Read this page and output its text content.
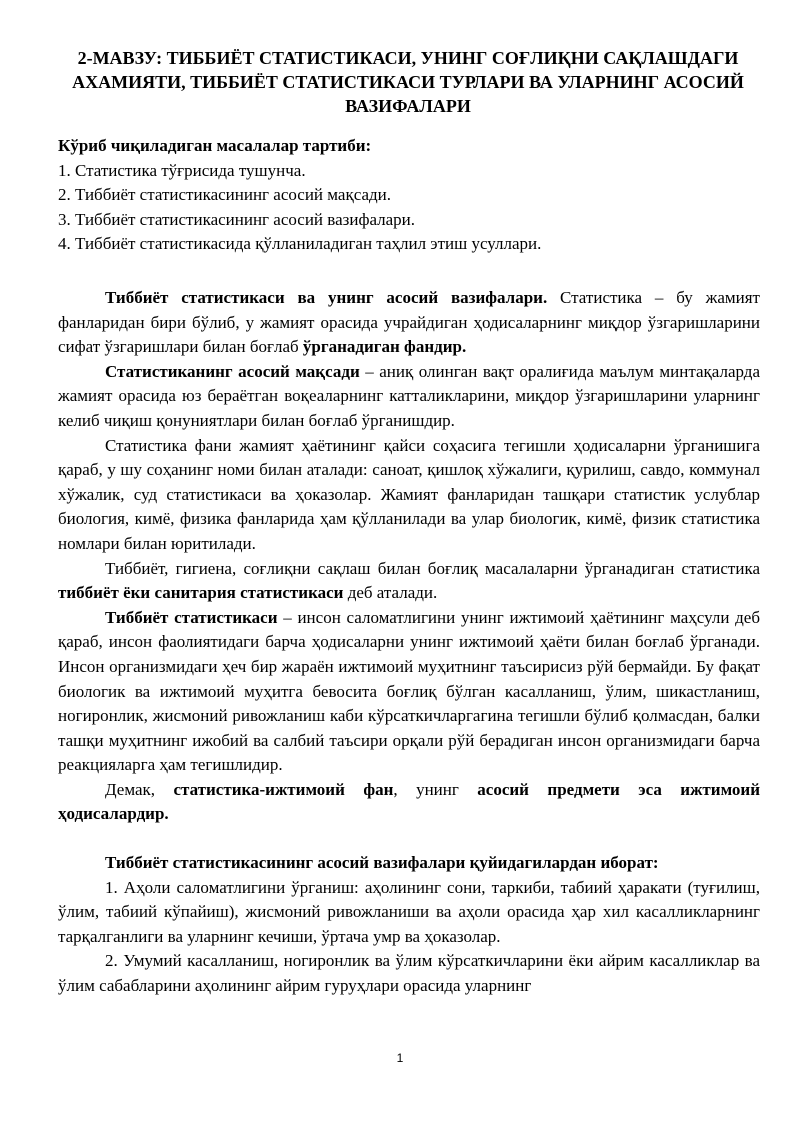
2-МАВЗУ: ТИББИЁТ СТАТИСТИКАСИ, УНИНГ СОҒЛИҚНИ САҚЛАШДАГИ АХАМИЯТИ, ТИББИЁТ СТАТИСТИКАСИ ТУРЛАРИ ВА УЛАРНИНГ АСОСИЙ ВАЗИФАЛАРИ
Кўриб чиқиладиган масалалар тартиби:
1. Статистика тўғрисида тушунча.
2. Тиббиёт статистикасининг асосий мақсади.
3. Тиббиёт статистикасининг асосий вазифалари.
4. Тиббиёт статистикасида қўлланиладиган таҳлил этиш усуллари.

Тиббиёт статистикаси ва унинг асосий вазифалари. Статистика – бу жамият фанларидан бири бўлиб, у жамият орасида учрайдиган ҳодисаларнинг миқдор ўзгаришларини сифат ўзгаришлари билан боғлаб ўрганадиган фандир.

Статистиканинг асосий мақсади – аниқ олинган вақт оралиғида маълум минтақаларда жамият орасида юз бераётган воқеаларнинг катталикларини, миқдор ўзгаришларини уларнинг келиб чиқиш қонуниятлари билан боғлаб ўрганишдир.

Статистика фани жамият ҳаётининг қайси соҳасига тегишли ҳодисаларни ўрганишига қараб, у шу соҳанинг номи билан аталади: саноат, қишлоқ хўжалиги, қурилиш, савдо, коммунал хўжалик, суд статистикаси ва ҳоказолар. Жамият фанларидан ташқари статистик услублар биология, кимё, физика фанларида ҳам қўлланилади ва улар биологик, кимё, физик статистика номлари билан юритилади.

Тиббиёт, гигиена, соғлиқни сақлаш билан боғлиқ масалаларни ўрганадиган статистика тиббиёт ёки санитария статистикаси деб аталади.

Тиббиёт статистикаси – инсон саломатлигини унинг ижтимоий ҳаётининг маҳсули деб қараб, инсон фаолиятидаги барча ҳодисаларни унинг ижтимоий ҳаёти билан боғлаб ўрганади. Инсон организмидаги ҳеч бир жараён ижтимоий муҳитнинг таъсирисиз рўй бермайди. Бу фақат биологик ва ижтимоий муҳитга бевосита боғлиқ бўлган касалланиш, ўлим, шикастланиш, ногиронлик, жисмоний ривожланиш каби кўрсаткичларгагина тегишли бўлиб қолмасдан, балки ташқи муҳитнинг ижобий ва салбий таъсири орқали рўй берадиган инсон организмидаги барча реакцияларга ҳам тегишлидир.

Демак, статистика-ижтимоий фан, унинг асосий предмети эса ижтимоий ҳодисалардир.

Тиббиёт статистикасининг асосий вазифалари қуйидагилардан иборат:

1. Аҳоли саломатлигини ўрганиш: аҳолининг сони, таркиби, табиий ҳаракати (туғилиш, ўлим, табиий кўпайиш), жисмоний ривожланиши ва аҳоли орасида ҳар хил касалликларнинг тарқалганлиги ва уларнинг кечиши, ўртача умр ва ҳоказолар.

2. Умумий касалланиш, ногиронлик ва ўлим кўрсаткичларини ёки айрим касалликлар ва ўлим сабабларини аҳолининг айрим гуруҳлари орасида уларнинг

1
